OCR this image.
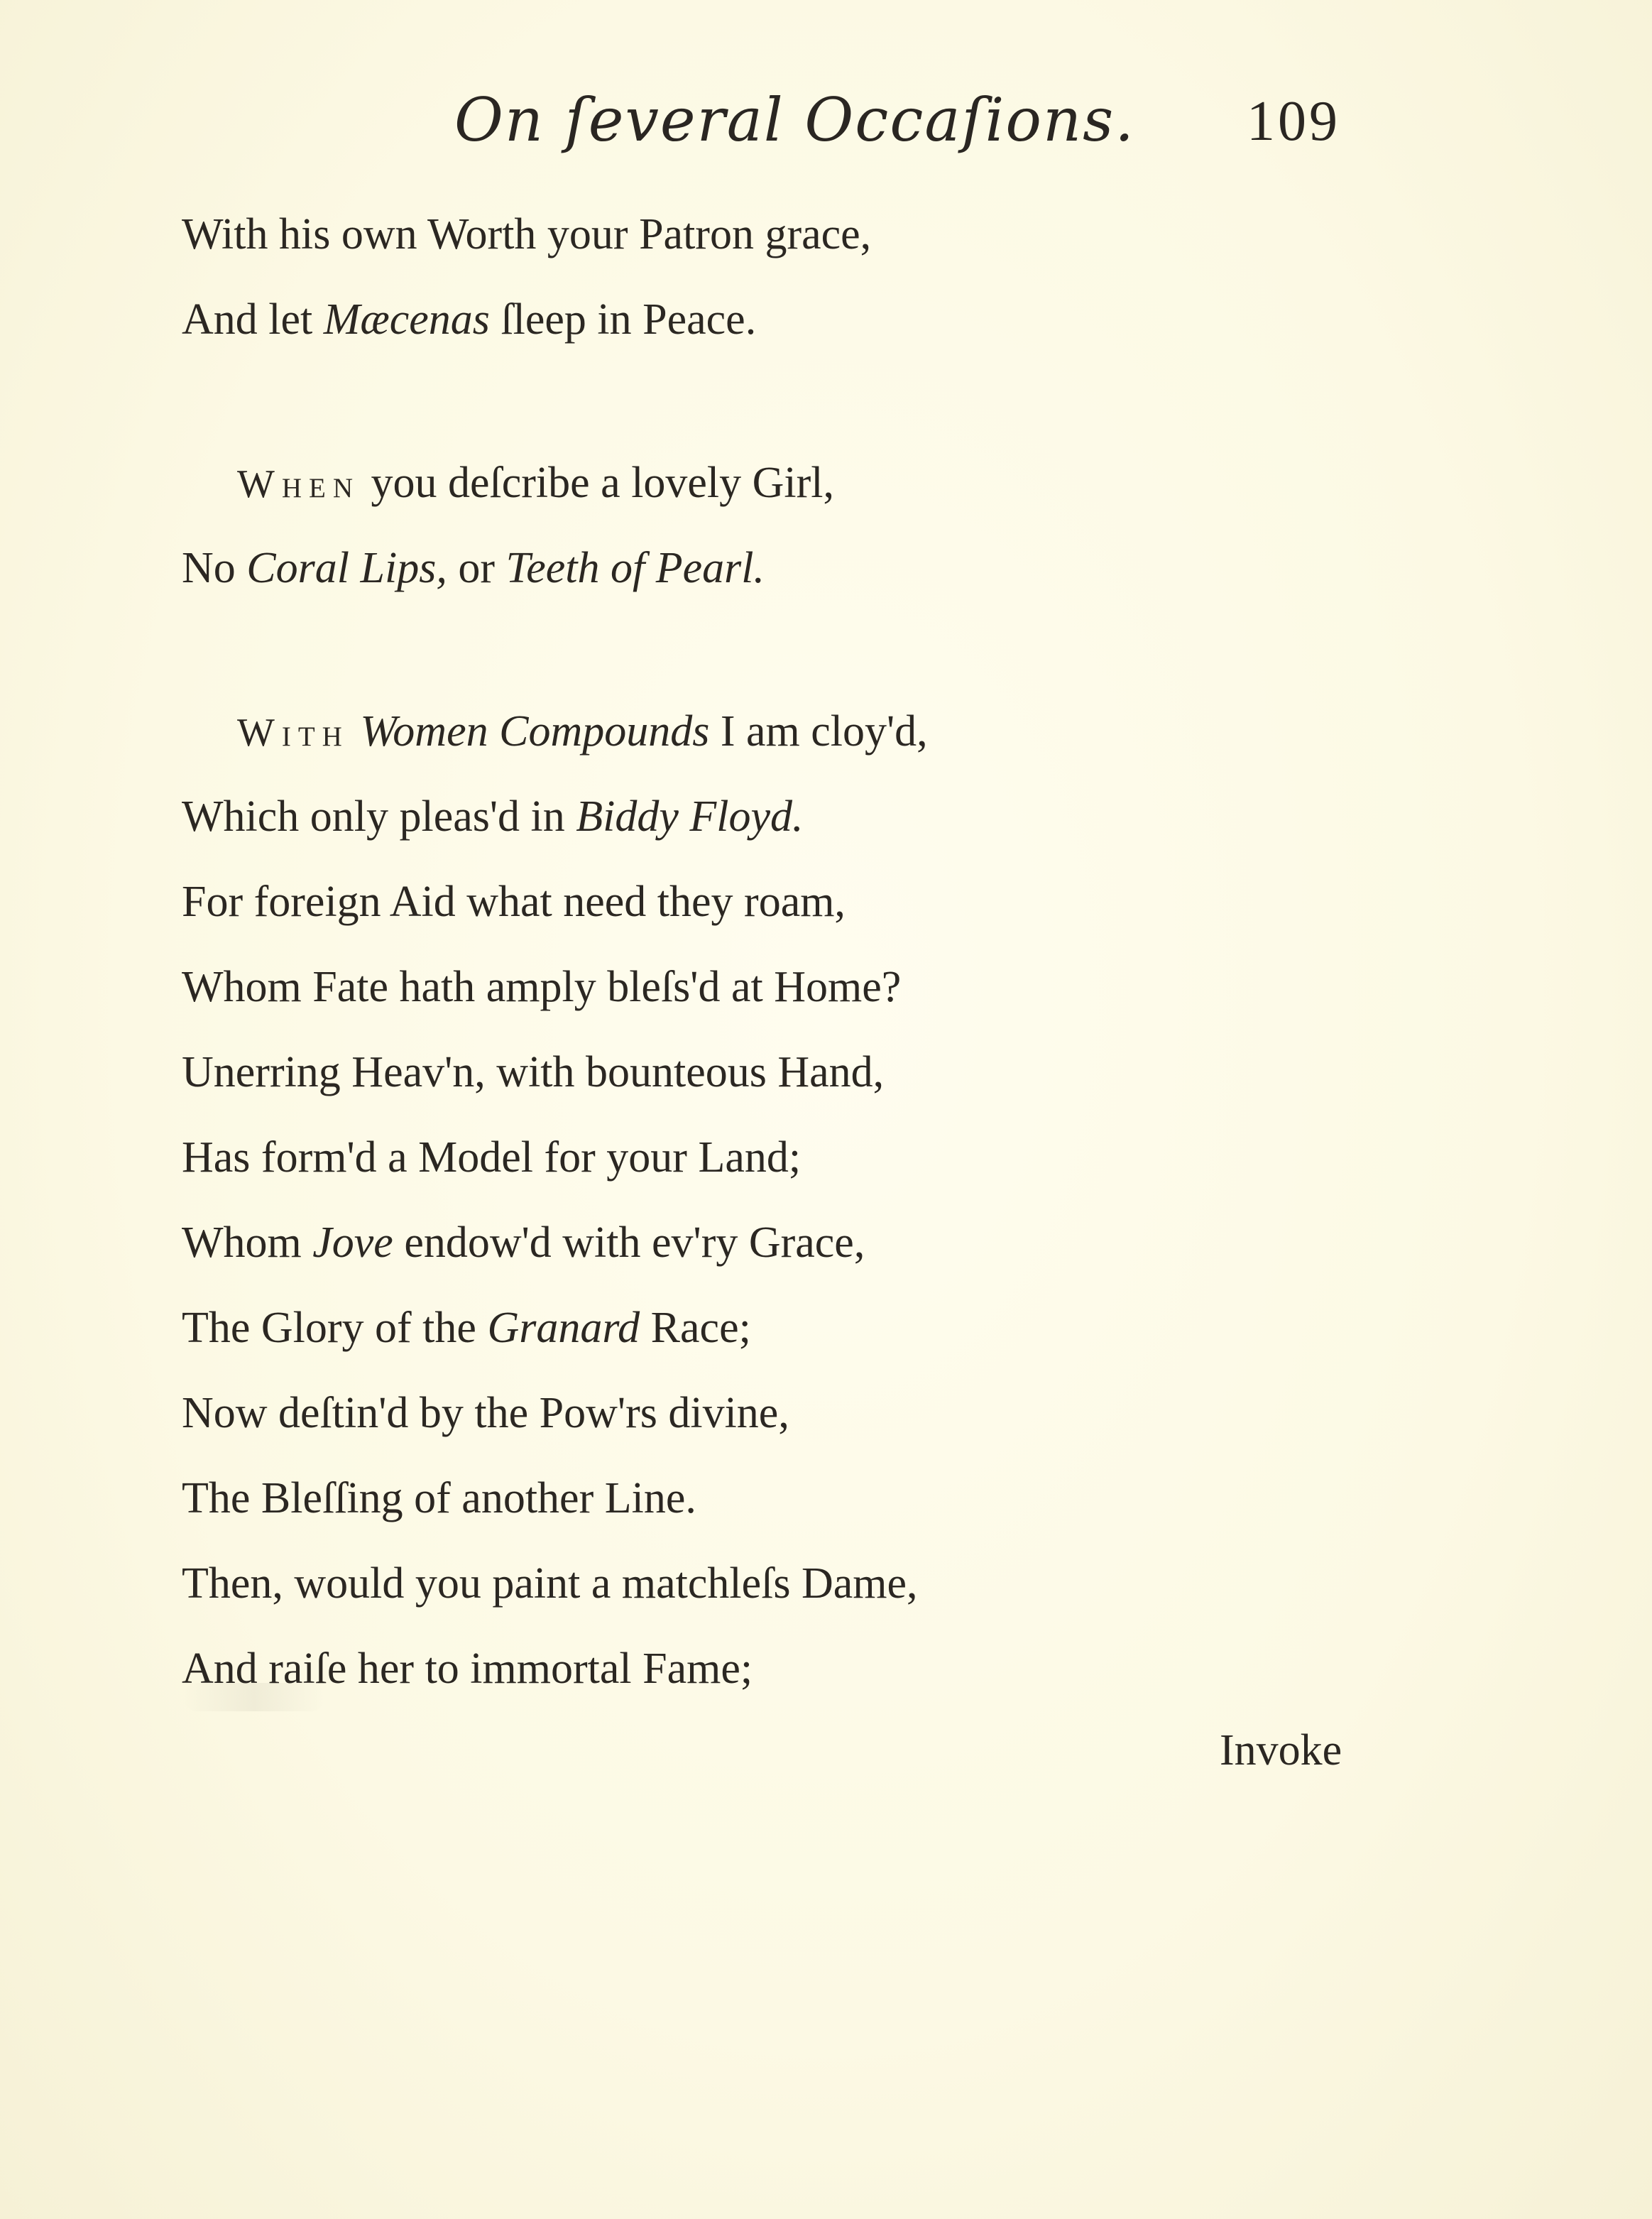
On ſeveral Occaſions. 109
With his own Worth your Patron grace,
And let Mæcenas ſleep in Peace.
When you deſcribe a lovely Girl,
No Coral Lips, or Teeth of Pearl.
With Women Compounds I am cloy'd,
Which only pleas'd in Biddy Floyd.
For foreign Aid what need they roam,
Whom Fate hath amply bleſs'd at Home?
Unerring Heav'n, with bounteous Hand,
Has form'd a Model for your Land;
Whom Jove endow'd with ev'ry Grace,
The Glory of the Granard Race;
Now deſtin'd by the Pow'rs divine,
The Bleſſing of another Line.
Then, would you paint a matchleſs Dame,
And raiſe her to immortal Fame;
Invoke
